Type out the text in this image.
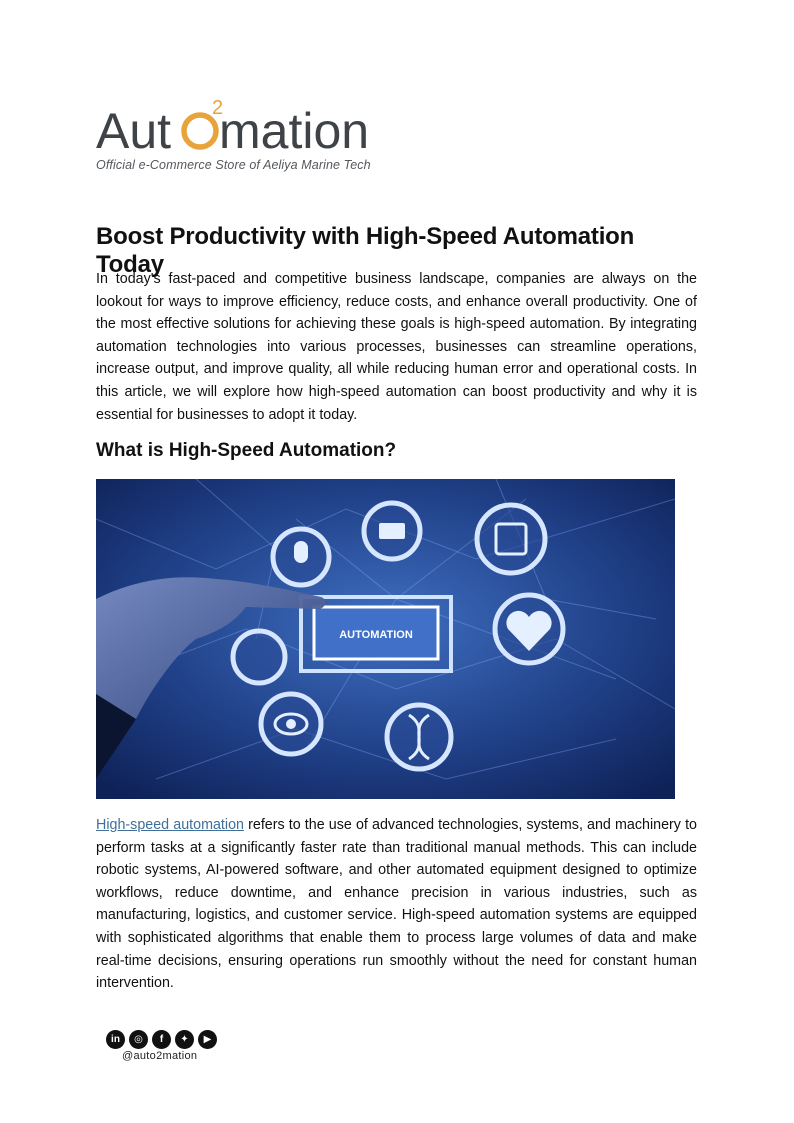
Aut 2
mation
Official e-Commerce Store of Aeliya Marine Tech
Boost Productivity with High-Speed Automation Today

In today's fast-paced and competitive business landscape, companies are always on the lookout for ways to improve efficiency, reduce costs, and enhance overall productivity. One of the most effective solutions for achieving these goals is high-speed automation. By integrating automation technologies into various processes, businesses can streamline operations, increase output, and improve quality, all while reducing human error and operational costs. In this article, we will explore how high-speed automation can boost productivity and why it is essential for businesses to adopt it today.

What is High-Speed Automation?
AUTOMATION

High-speed automation refers to the use of advanced technologies, systems, and machinery to perform tasks at a significantly faster rate than traditional manual methods. This can include robotic systems, AI-powered software, and other automated equipment designed to optimize workflows, reduce downtime, and enhance precision in various industries, such as manufacturing, logistics, and customer service. High-speed automation systems are equipped with sophisticated algorithms that enable them to process large volumes of data and make real-time decisions, ensuring operations run smoothly without the need for constant human intervention.

in	◎	f	✦	▶
@auto2mation
